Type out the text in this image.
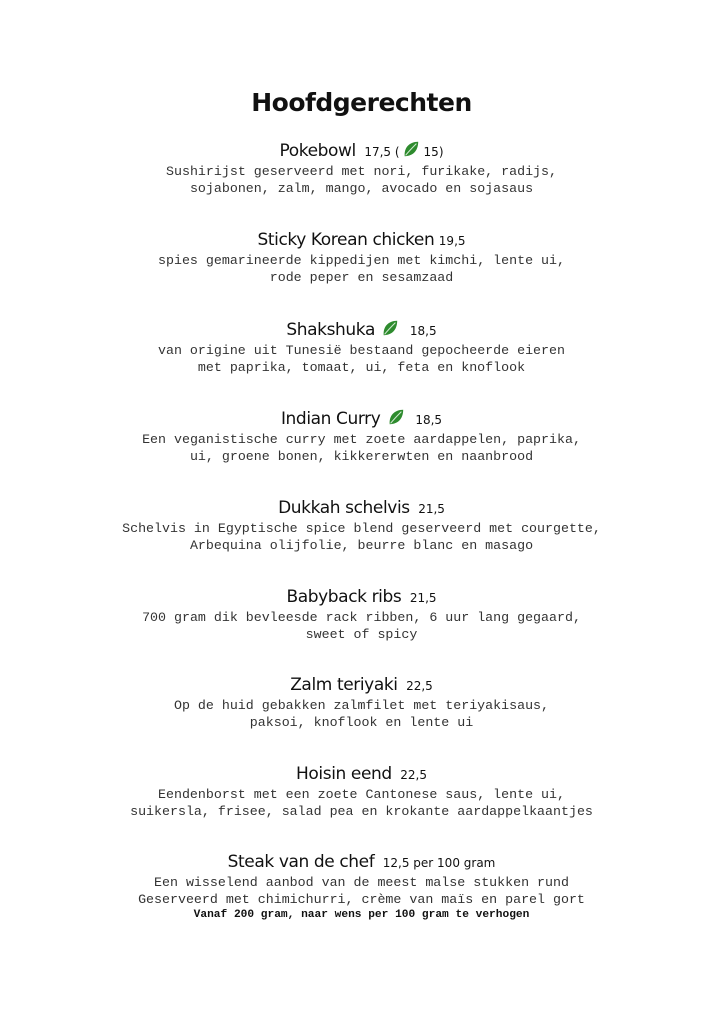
Hoofdgerechten
Pokebowl 17,5 ( 15)
Sushirijst geserveerd met nori, furikake, radijs,
sojabonen, zalm, mango, avocado en sojasaus
Sticky Korean chicken 19,5
spies gemarineerde kippedijen met kimchi, lente ui,
rode peper en sesamzaad
Shakshuka	18,5
van origine uit Tunesië bestaand gepocheerde eieren
met paprika, tomaat, ui, feta en knoflook
Indian Curry	18,5
Een veganistische curry met zoete aardappelen, paprika,
ui, groene bonen, kikkererwten en naanbrood
Dukkah schelvis 21,5
Schelvis in Egyptische spice blend geserveerd met courgette,
Arbequina olijfolie, beurre blanc en masago
Babyback ribs 21,5
700 gram dik bevleesde rack ribben, 6 uur lang gegaard,
sweet of spicy
Zalm teriyaki 22,5
Op de huid gebakken zalmfilet met teriyakisaus,
paksoi, knoflook en lente ui
Hoisin eend 22,5
Eendenborst met een zoete Cantonese saus, lente ui,
suikersla, frisee, salad pea en krokante aardappelkaantjes
Steak van de chef 12,5 per 100 gram
Een wisselend aanbod van de meest malse stukken rund
Geserveerd met chimichurri, crème van maïs en parel gort
Vanaf 200 gram, naar wens per 100 gram te verhogen
